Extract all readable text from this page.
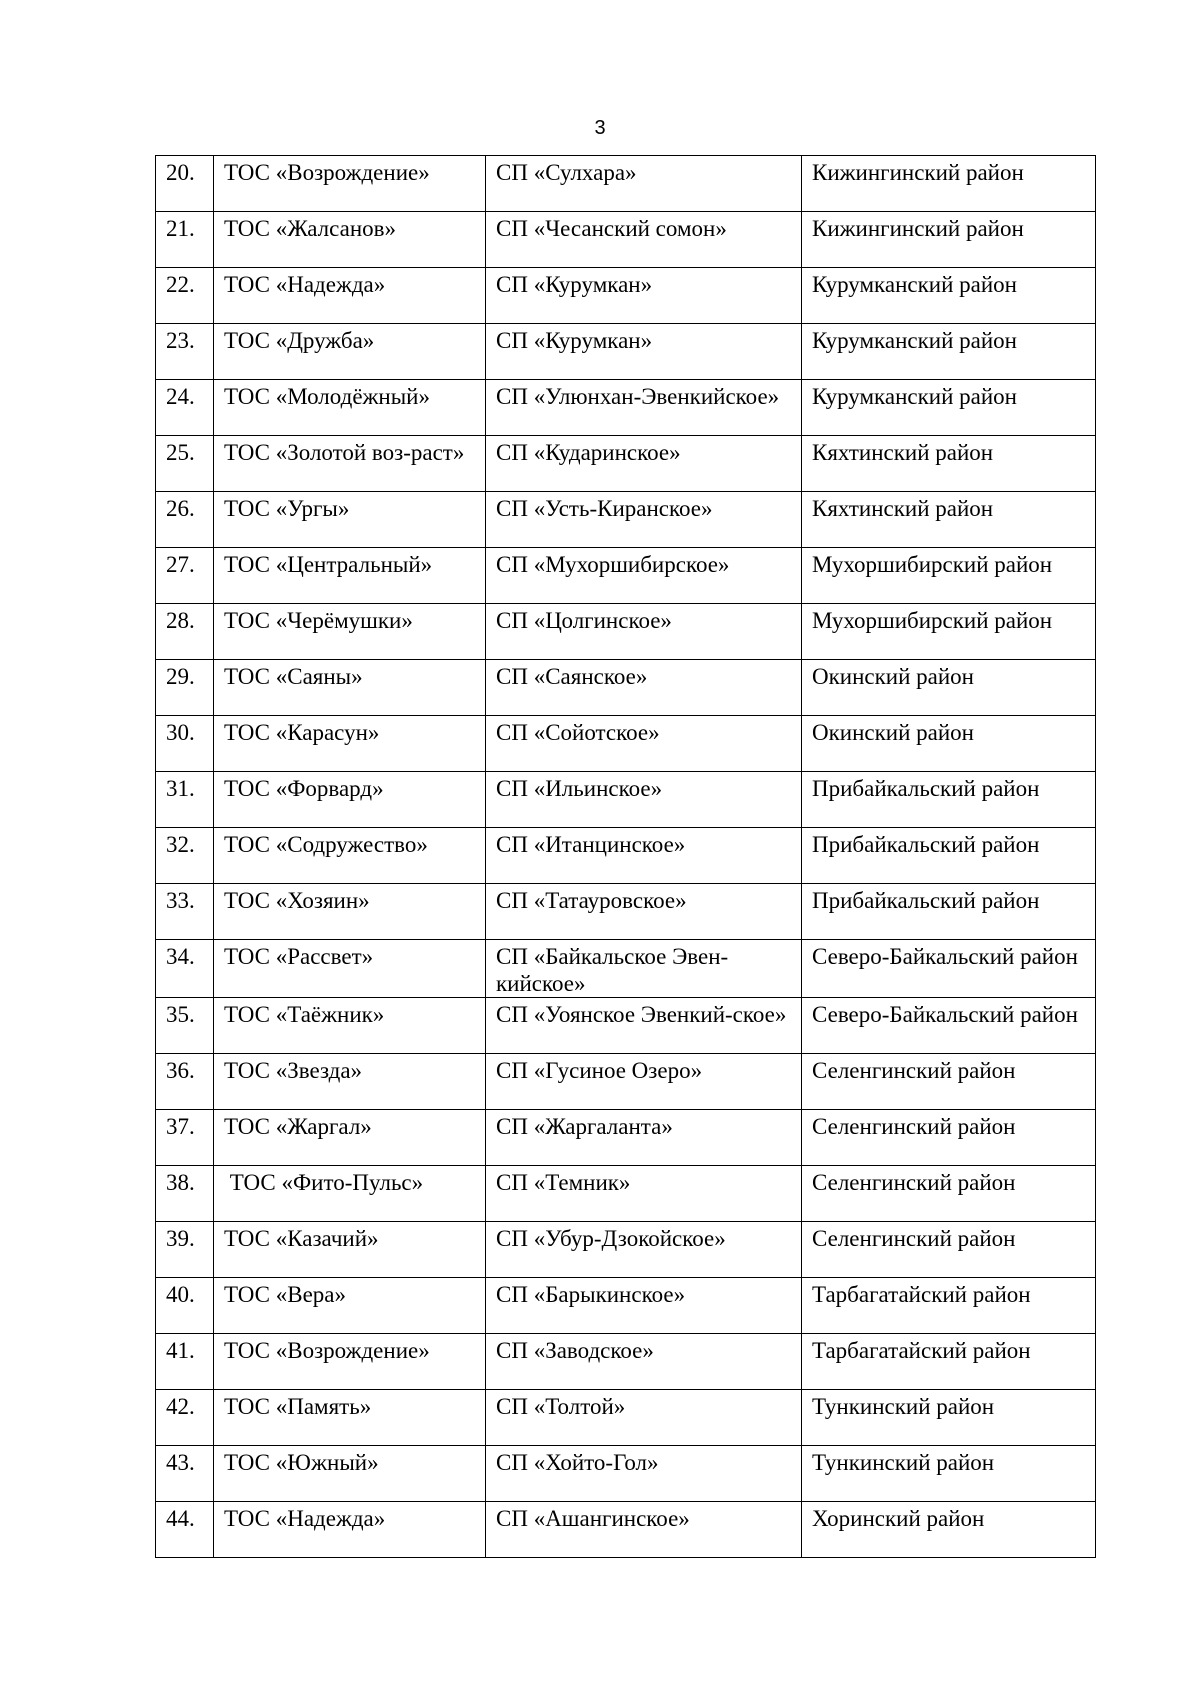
3
20.	ТОС «Возрождение»	СП «Сулхара»	Кижингинский район
21.	ТОС «Жалсанов»	СП «Чесанский сомон»	Кижингинский район
22.	ТОС «Надежда»	СП «Курумкан»	Курумканский район
23.	ТОС «Дружба»	СП «Курумкан»	Курумканский район
24.	ТОС «Молодёжный»	СП «Улюнхан-Эвенкийское»	Курумканский район
25.	ТОС «Золотой воз-раст»	СП «Кударинское»	Кяхтинский район
26.	ТОС «Ургы»	СП «Усть-Киранское»	Кяхтинский район
27.	ТОС «Центральный»	СП «Мухоршибирское»	Мухоршибирский район
28.	ТОС «Черёмушки»	СП «Цолгинское»	Мухоршибирский район
29.	ТОС «Саяны»	СП «Саянское»	Окинский район
30.	ТОС «Карасун»	СП «Сойотское»	Окинский район
31.	ТОС «Форвард»	СП «Ильинское»	Прибайкальский район
32.	ТОС «Содружество»	СП «Итанцинское»	Прибайкальский район
33.	ТОС «Хозяин»	СП «Татауровское»	Прибайкальский район
34.	ТОС «Рассвет»	СП «Байкальское Эвен-кийское»	Северо-Байкальский район
35.	ТОС «Таёжник»	СП «Уоянское Эвенкий-ское»	Северо-Байкальский район
36.	ТОС «Звезда»	СП «Гусиное Озеро»	Селенгинский район
37.	ТОС «Жаргал»	СП «Жаргаланта»	Селенгинский район
38.	ТОС «Фито-Пульс»	СП «Темник»	Селенгинский район
39.	ТОС «Казачий»	СП «Убур-Дзокойское»	Селенгинский район
40.	ТОС «Вера»	СП «Барыкинское»	Тарбагатайский район
41.	ТОС «Возрождение»	СП «Заводское»	Тарбагатайский район
42.	ТОС «Память»	СП «Толтой»	Тункинский район
43.	ТОС «Южный»	СП «Хойто-Гол»	Тункинский район
44.	ТОС «Надежда»	СП «Ашангинское»	Хоринский район
